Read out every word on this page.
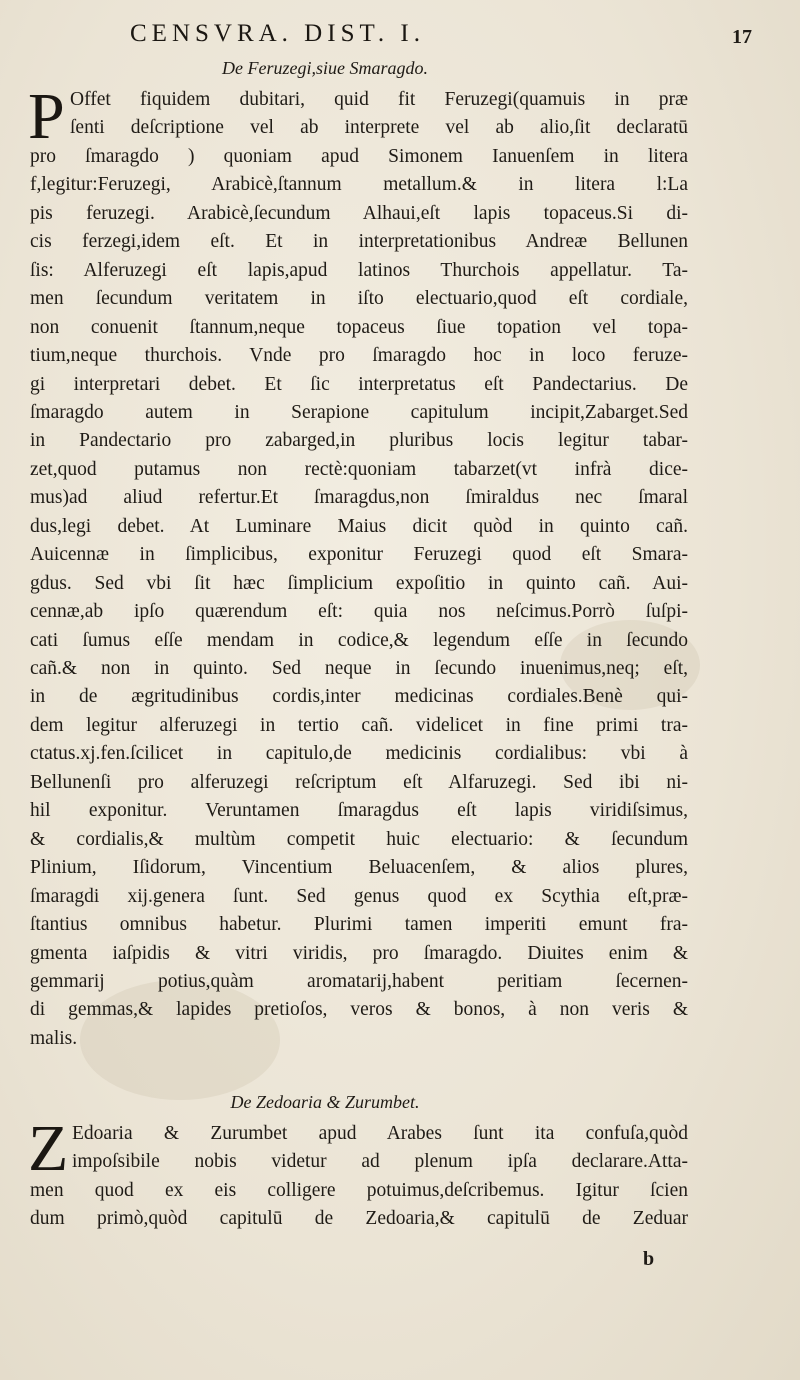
CENSVRA. DIST. I.	17
De Feruzegi,siue Smaragdo.
P Offet fiquidem dubitari, quid fit Feruzegi(quamuis in præ
ſenti deſcriptione vel ab interprete vel ab alio,ſit declaratū
pro ſmaragdo ) quoniam apud Simonem Ianuenſem in litera
f,legitur:Feruzegi, Arabicè,ſtannum metallum.& in litera l:La
pis feruzegi. Arabicè,ſecundum Alhaui,eſt lapis topaceus.Si di-
cis ferzegi,idem eſt. Et in interpretationibus Andreæ Bellunen
ſis: Alferuzegi eſt lapis,apud latinos Thurchois appellatur. Ta-
men ſecundum veritatem in iſto electuario,quod eſt cordiale,
non conuenit ſtannum,neque topaceus ſiue topation vel topa-
tium,neque thurchois. Vnde pro ſmaragdo hoc in loco feruze-
gi interpretari debet. Et ſic interpretatus eſt Pandectarius. De
ſmaragdo autem in Serapione capitulum incipit,Zabarget.Sed
in Pandectario pro zabarged,in pluribus locis legitur tabar-
zet,quod putamus non rectè:quoniam tabarzet(vt infrà dice-
mus)ad aliud refertur.Et ſmaragdus,non ſmiraldus nec ſmaral
dus,legi debet. At Luminare Maius dicit quòd in quinto cañ.
Auicennæ in ſimplicibus, exponitur Feruzegi quod eſt Smara-
gdus. Sed vbi ſit hæc ſimplicium expoſitio in quinto cañ. Aui-
cennæ,ab ipſo quærendum eſt: quia nos neſcimus.Porrò ſuſpi-
cati ſumus eſſe mendam in codice,& legendum eſſe in ſecundo
cañ.& non in quinto. Sed neque in ſecundo inuenimus,neq; eſt,
in de ægritudinibus cordis,inter medicinas cordiales.Benè qui-
dem legitur alferuzegi in tertio cañ. videlicet in fine primi tra-
ctatus.xj.fen.ſcilicet in capitulo,de medicinis cordialibus: vbi à
Bellunenſi pro alferuzegi reſcriptum eſt Alfaruzegi. Sed ibi ni-
hil exponitur. Veruntamen ſmaragdus eſt lapis viridiſsimus,
& cordialis,& multùm competit huic electuario: & ſecundum
Plinium, Iſidorum, Vincentium Beluacenſem, & alios plures,
ſmaragdi xij.genera ſunt. Sed genus quod ex Scythia eſt,præ-
ſtantius omnibus habetur. Plurimi tamen imperiti emunt fra-
gmenta iaſpidis & vitri viridis, pro ſmaragdo. Diuites enim &
gemmarij potius,quàm aromatarij,habent peritiam ſecernen-
di gemmas,& lapides pretioſos, veros & bonos, à non veris &
malis.
De Zedoaria & Zurumbet.
Z Edoaria & Zurumbet apud Arabes ſunt ita confuſa,quòd
impoſsibile nobis videtur ad plenum ipſa declarare.Atta-
men quod ex eis colligere potuimus,deſcribemus. Igitur ſcien
dum primò,quòd capitulū de Zedoaria,& capitulū de Zeduar
b
